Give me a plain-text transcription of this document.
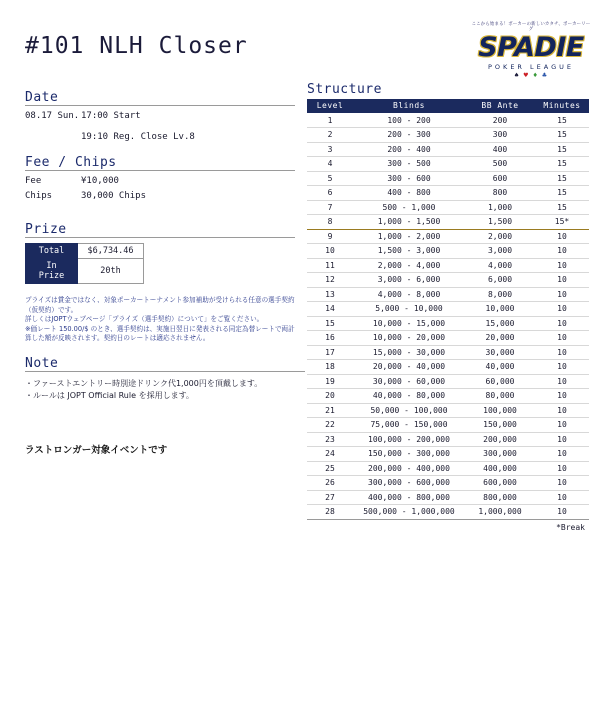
#101 NLH Closer
ここから始まる！ポーカーの新しいカタチ、ポーカーリーグ
SPADIE
POKER LEAGUE
♠ ♥ ♦ ♣
Date
08.17 Sun. 17:00 Start
19:10 Reg. Close Lv.8
Fee / Chips
Fee	¥10,000
Chips	30,000 Chips
Prize
Total	$6,734.46
In Prize	20th

プライズは賞金ではなく、対象ポーカートーナメント参加補助が受けられる任意の選手契約（仮契約）です。

詳しくはJOPTウェブページ「プライズ（選手契約）について」をご覧ください。

※価レート 150.00/$ のとき、選手契約は、実施日翌日に発表される同定為替レートで両計算した額が反映されます。契約日のレートは適応されません。

Note
・ファーストエントリー時別途ドリンク代1,000円を頂戴します。
・ルールは JOPT Official Rule を採用します。
ラストロンガー対象イベントです
Structure
Level	Blinds	BB Ante	Minutes
1	100 - 200	200	15
2	200 - 300	300	15
3	200 - 400	400	15
4	300 - 500	500	15
5	300 - 600	600	15
6	400 - 800	800	15
7	500 - 1,000	1,000	15
8	1,000 - 1,500	1,500	15*
9	1,000 - 2,000	2,000	10
10	1,500 - 3,000	3,000	10
11	2,000 - 4,000	4,000	10
12	3,000 - 6,000	6,000	10
13	4,000 - 8,000	8,000	10
14	5,000 - 10,000	10,000	10
15	10,000 - 15,000	15,000	10
16	10,000 - 20,000	20,000	10
17	15,000 - 30,000	30,000	10
18	20,000 - 40,000	40,000	10
19	30,000 - 60,000	60,000	10
20	40,000 - 80,000	80,000	10
21	50,000 - 100,000	100,000	10
22	75,000 - 150,000	150,000	10
23	100,000 - 200,000	200,000	10
24	150,000 - 300,000	300,000	10
25	200,000 - 400,000	400,000	10
26	300,000 - 600,000	600,000	10
27	400,000 - 800,000	800,000	10
28	500,000 - 1,000,000	1,000,000	10
*Break
